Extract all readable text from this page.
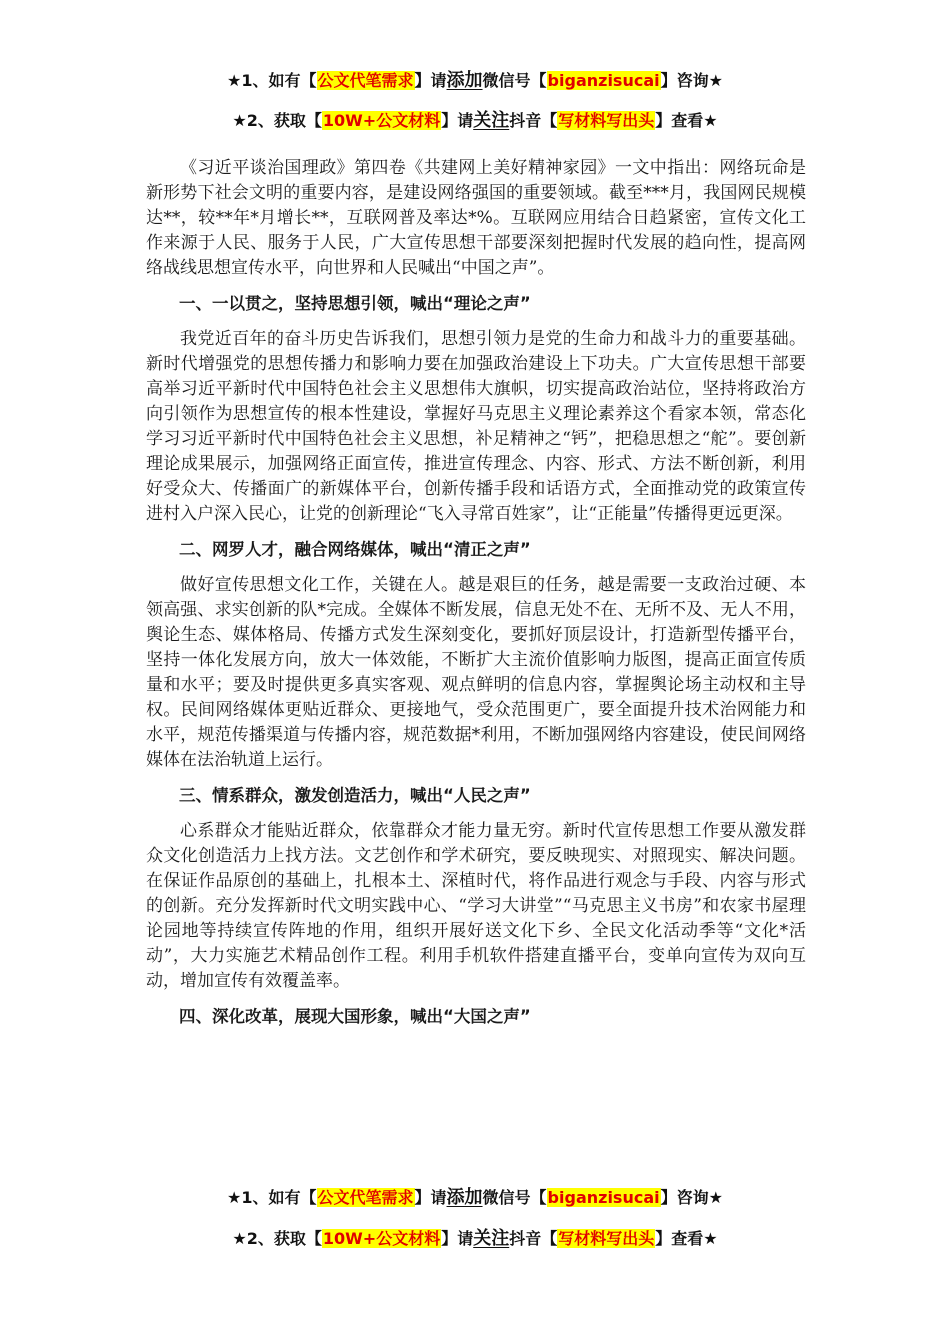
★1、如有【公文代笔需求】请添加微信号【biganzisucai】咨询★
★2、获取【10W+公文材料】请关注抖音【写材料写出头】查看★

《习近平谈治国理政》第四卷《共建网上美好精神家园》一文中指出：网络玩命是新形势下社会文明的重要内容，是建设网络强国的重要领域。截至***月，我国网民规模达**，较**年*月增长**，互联网普及率达*%。互联网应用结合日趋紧密，宣传文化工作来源于人民、服务于人民，广大宣传思想干部要深刻把握时代发展的趋向性，提高网络战线思想宣传水平，向世界和人民喊出“中国之声”。

一、一以贯之，坚持思想引领，喊出“理论之声”

我党近百年的奋斗历史告诉我们，思想引领力是党的生命力和战斗力的重要基础。新时代增强党的思想传播力和影响力要在加强政治建设上下功夫。广大宣传思想干部要高举习近平新时代中国特色社会主义思想伟大旗帜，切实提高政治站位，坚持将政治方向引领作为思想宣传的根本性建设，掌握好马克思主义理论素养这个看家本领，常态化学习习近平新时代中国特色社会主义思想，补足精神之“钙”，把稳思想之“舵”。要创新理论成果展示，加强网络正面宣传，推进宣传理念、内容、形式、方法不断创新，利用好受众大、传播面广的新媒体平台，创新传播手段和话语方式，全面推动党的政策宣传进村入户深入民心，让党的创新理论“飞入寻常百姓家”，让“正能量”传播得更远更深。

二、网罗人才，融合网络媒体，喊出“清正之声”

做好宣传思想文化工作，关键在人。越是艰巨的任务，越是需要一支政治过硬、本领高强、求实创新的队*完成。全媒体不断发展，信息无处不在、无所不及、无人不用，舆论生态、媒体格局、传播方式发生深刻变化，要抓好顶层设计，打造新型传播平台，坚持一体化发展方向，放大一体效能，不断扩大主流价值影响力版图，提高正面宣传质量和水平；要及时提供更多真实客观、观点鲜明的信息内容，掌握舆论场主动权和主导权。民间网络媒体更贴近群众、更接地气，受众范围更广，要全面提升技术治网能力和水平，规范传播渠道与传播内容，规范数据*利用，不断加强网络内容建设，使民间网络媒体在法治轨道上运行。

三、情系群众，激发创造活力，喊出“人民之声”

心系群众才能贴近群众，依靠群众才能力量无穷。新时代宣传思想工作要从激发群众文化创造活力上找方法。文艺创作和学术研究，要反映现实、对照现实、解决问题。在保证作品原创的基础上，扎根本土、深植时代，将作品进行观念与手段、内容与形式的创新。充分发挥新时代文明实践中心、“学习大讲堂”“马克思主义书房”和农家书屋理论园地等持续宣传阵地的作用，组织开展好送文化下乡、全民文化活动季等“文化*活动”，大力实施艺术精品创作工程。利用手机软件搭建直播平台，变单向宣传为双向互动，增加宣传有效覆盖率。

四、深化改革，展现大国形象，喊出“大国之声”
★1、如有【公文代笔需求】请添加微信号【biganzisucai】咨询★
★2、获取【10W+公文材料】请关注抖音【写材料写出头】查看★
